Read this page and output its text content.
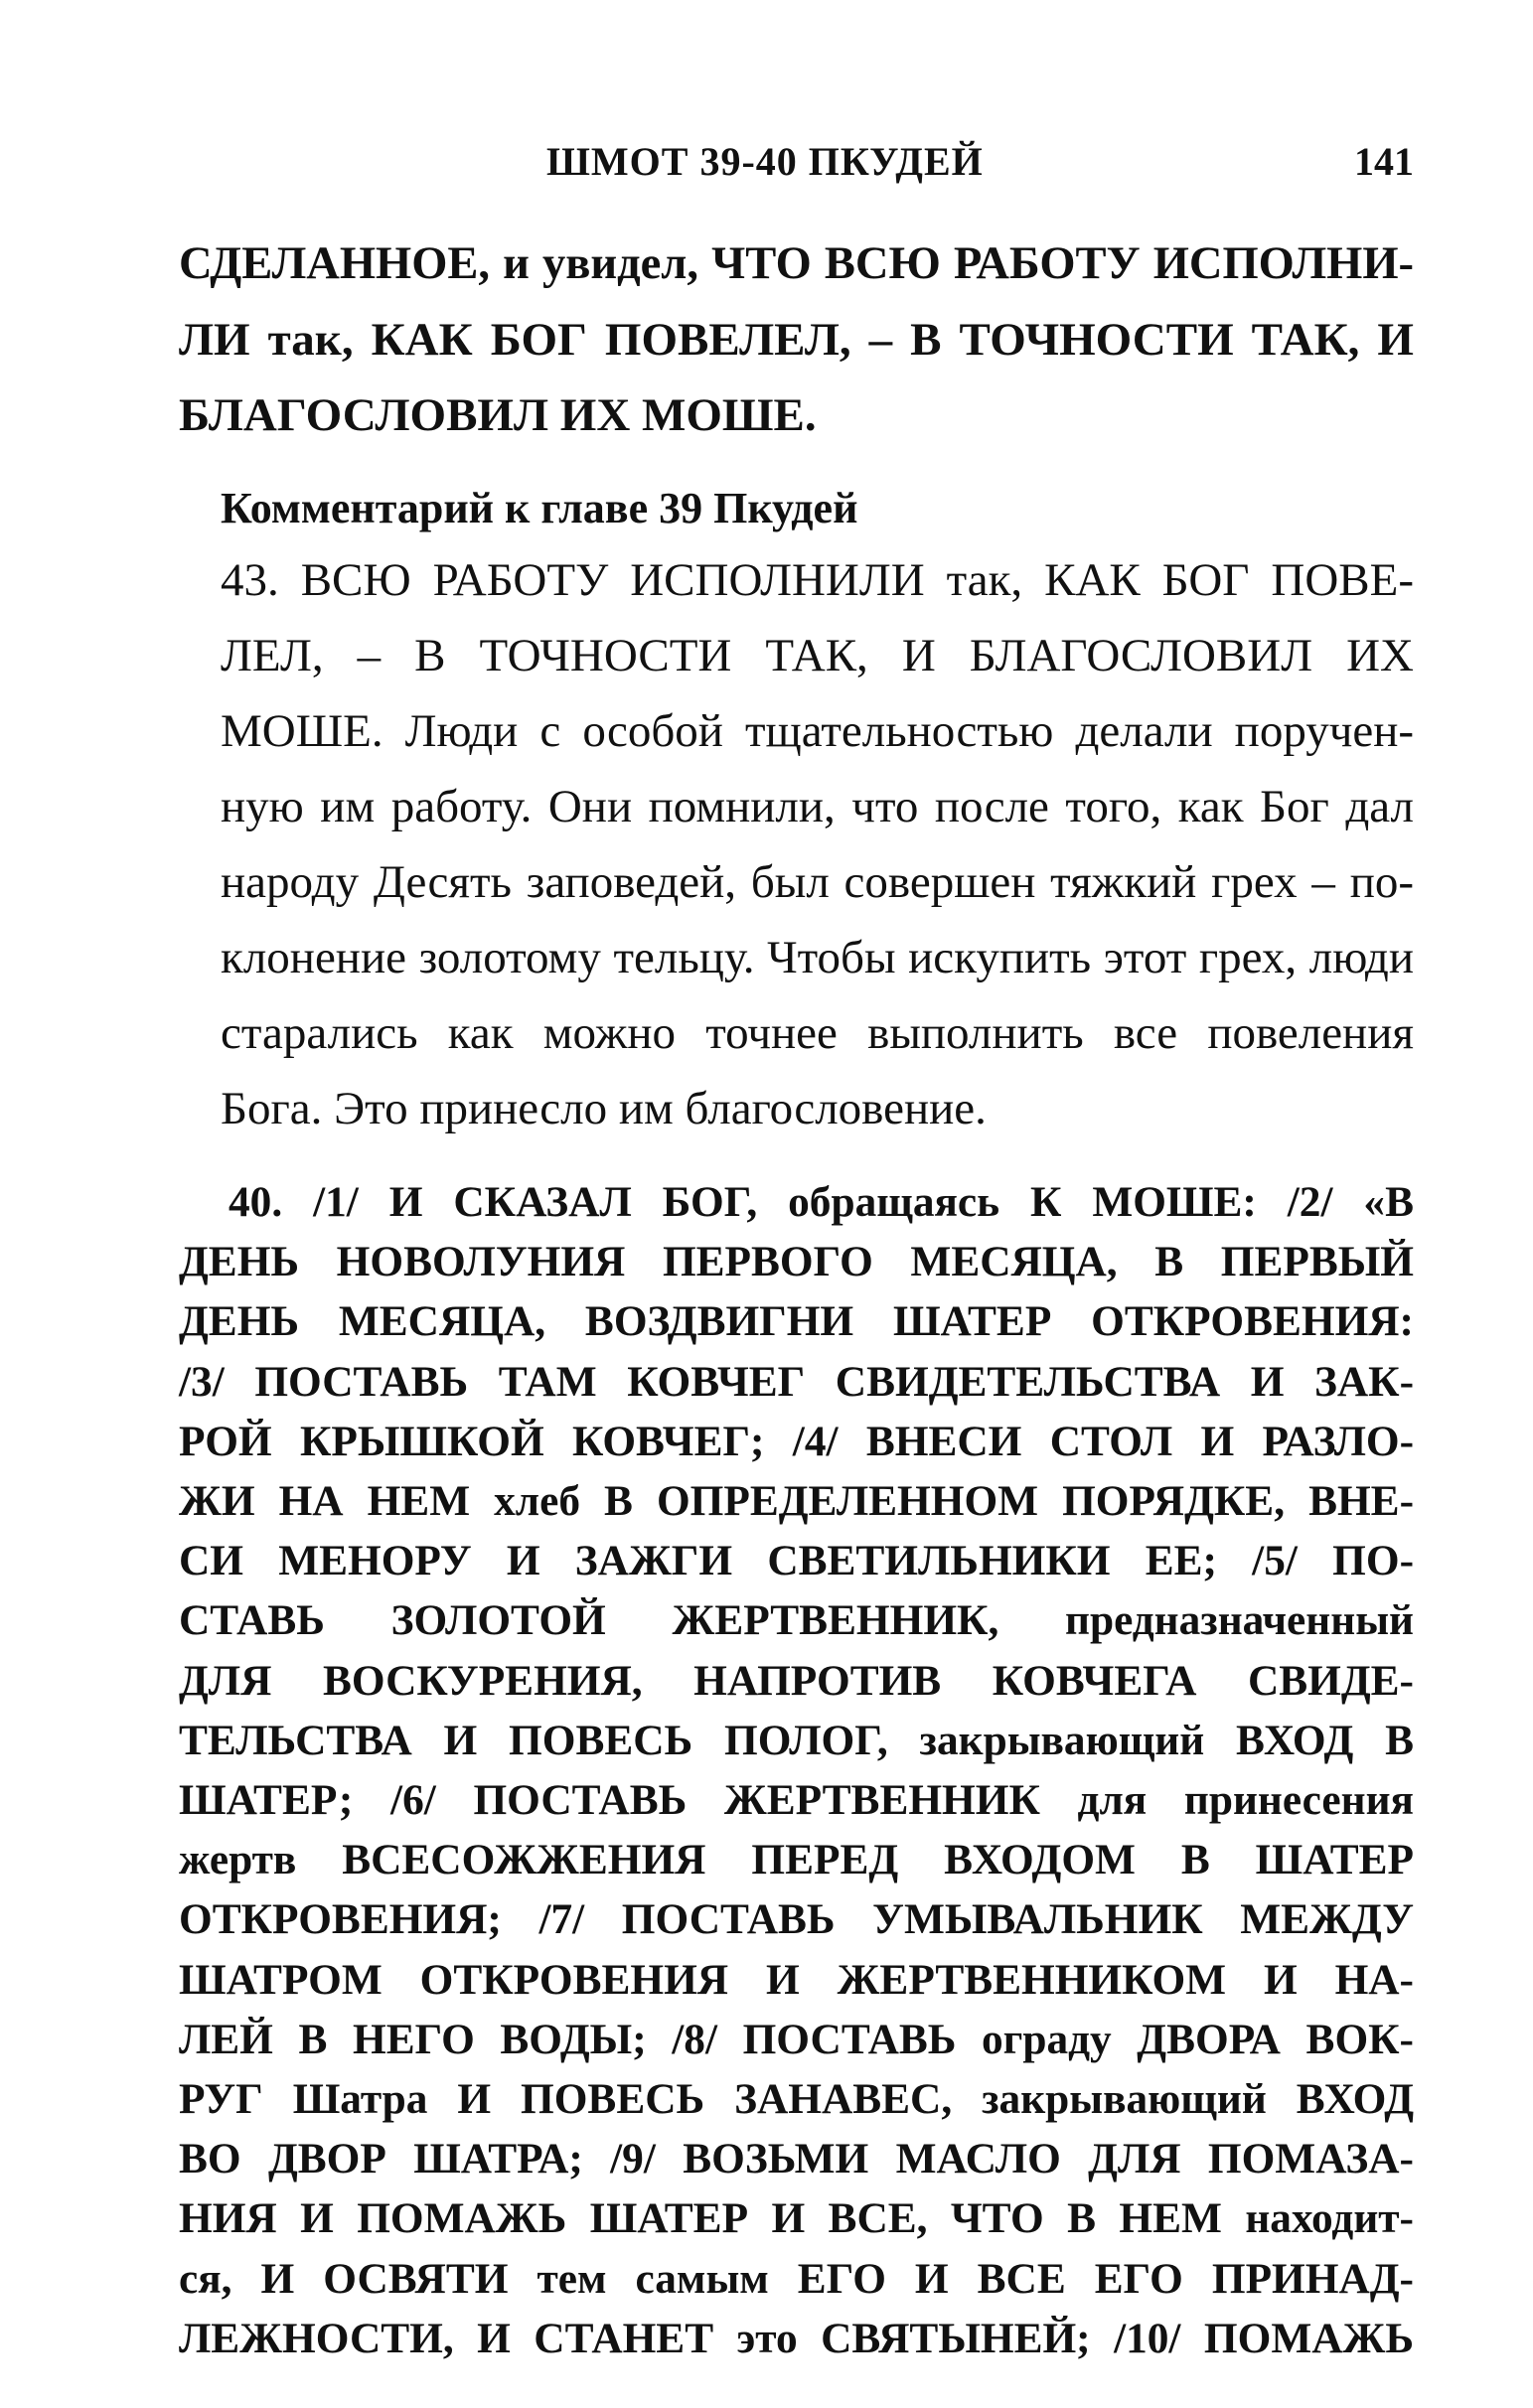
ШМОТ 39-40 ПКУДЕЙ	141
СДЕЛАННОЕ, и увидел, ЧТО ВСЮ РАБОТУ ИСПОЛНИ-
ЛИ так, КАК БОГ ПОВЕЛЕЛ, – В ТОЧНОСТИ ТАК, И
БЛАГОСЛОВИЛ ИХ МОШЕ.
Комментарий к главе 39 Пкудей
43. ВСЮ РАБОТУ ИСПОЛНИЛИ так, КАК БОГ ПОВЕ-
ЛЕЛ, – В ТОЧНОСТИ ТАК, И БЛАГОСЛОВИЛ ИХ
МОШЕ. Люди с особой тщательностью делали поручен-
ную им работу. Они помнили, что после того, как Бог дал
народу Десять заповедей, был совершен тяжкий грех – по-
клонение золотому тельцу. Чтобы искупить этот грех, люди
старались как можно точнее выполнить все повеления
Бога. Это принесло им благословение.
40. /1/ И СКАЗАЛ БОГ, обращаясь К МОШЕ: /2/ «В
ДЕНЬ НОВОЛУНИЯ ПЕРВОГО МЕСЯЦА, В ПЕРВЫЙ
ДЕНЬ МЕСЯЦА, ВОЗДВИГНИ ШАТЕР ОТКРОВЕНИЯ:
/3/ ПОСТАВЬ ТАМ КОВЧЕГ СВИДЕТЕЛЬСТВА И ЗАК-
РОЙ КРЫШКОЙ КОВЧЕГ; /4/ ВНЕСИ СТОЛ И РАЗЛО-
ЖИ НА НЕМ хлеб В ОПРЕДЕЛЕННОМ ПОРЯДКЕ, ВНЕ-
СИ МЕНОРУ И ЗАЖГИ СВЕТИЛЬНИКИ ЕЕ; /5/ ПО-
СТАВЬ ЗОЛОТОЙ ЖЕРТВЕННИК, предназначенный
ДЛЯ ВОСКУРЕНИЯ, НАПРОТИВ КОВЧЕГА СВИДЕ-
ТЕЛЬСТВА И ПОВЕСЬ ПОЛОГ, закрывающий ВХОД В
ШАТЕР; /6/ ПОСТАВЬ ЖЕРТВЕННИК для принесения
жертв ВСЕСОЖЖЕНИЯ ПЕРЕД ВХОДОМ В ШАТЕР
ОТКРОВЕНИЯ; /7/ ПОСТАВЬ УМЫВАЛЬНИК МЕЖДУ
ШАТРОМ ОТКРОВЕНИЯ И ЖЕРТВЕННИКОМ И НА-
ЛЕЙ В НЕГО ВОДЫ; /8/ ПОСТАВЬ ограду ДВОРА ВОК-
РУГ Шатра И ПОВЕСЬ ЗАНАВЕС, закрывающий ВХОД
ВО ДВОР ШАТРА; /9/ ВОЗЬМИ МАСЛО ДЛЯ ПОМАЗА-
НИЯ И ПОМАЖЬ ШАТЕР И ВСЕ, ЧТО В НЕМ находит-
ся, И ОСВЯТИ тем самым ЕГО И ВСЕ ЕГО ПРИНАД-
ЛЕЖНОСТИ, И СТАНЕТ это СВЯТЫНЕЙ; /10/ ПОМАЖЬ
